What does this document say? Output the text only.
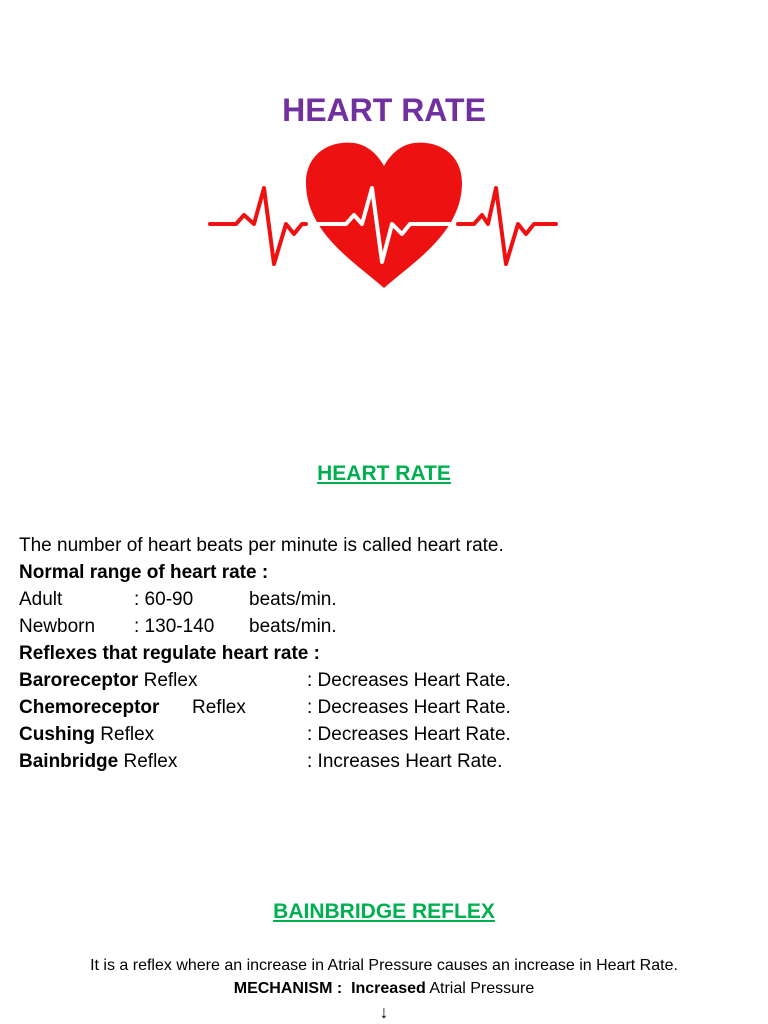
HEART RATE
HEART RATE
The number of heart beats per minute is called heart rate.
Normal range of heart rate :
Adult	: 60-90	beats/min.
Newborn : 130-140 beats/min.
Reflexes that regulate heart rate :
Baroreceptor Reflex	: Decreases Heart Rate.
Chemoreceptor Reflex	: Decreases Heart Rate.
Cushing Reflex	: Decreases Heart Rate.
Bainbridge Reflex	: Increases Heart Rate.
BAINBRIDGE REFLEX
It is a reflex where an increase in Atrial Pressure causes an increase in Heart Rate.
MECHANISM : Increased Atrial Pressure
↓
